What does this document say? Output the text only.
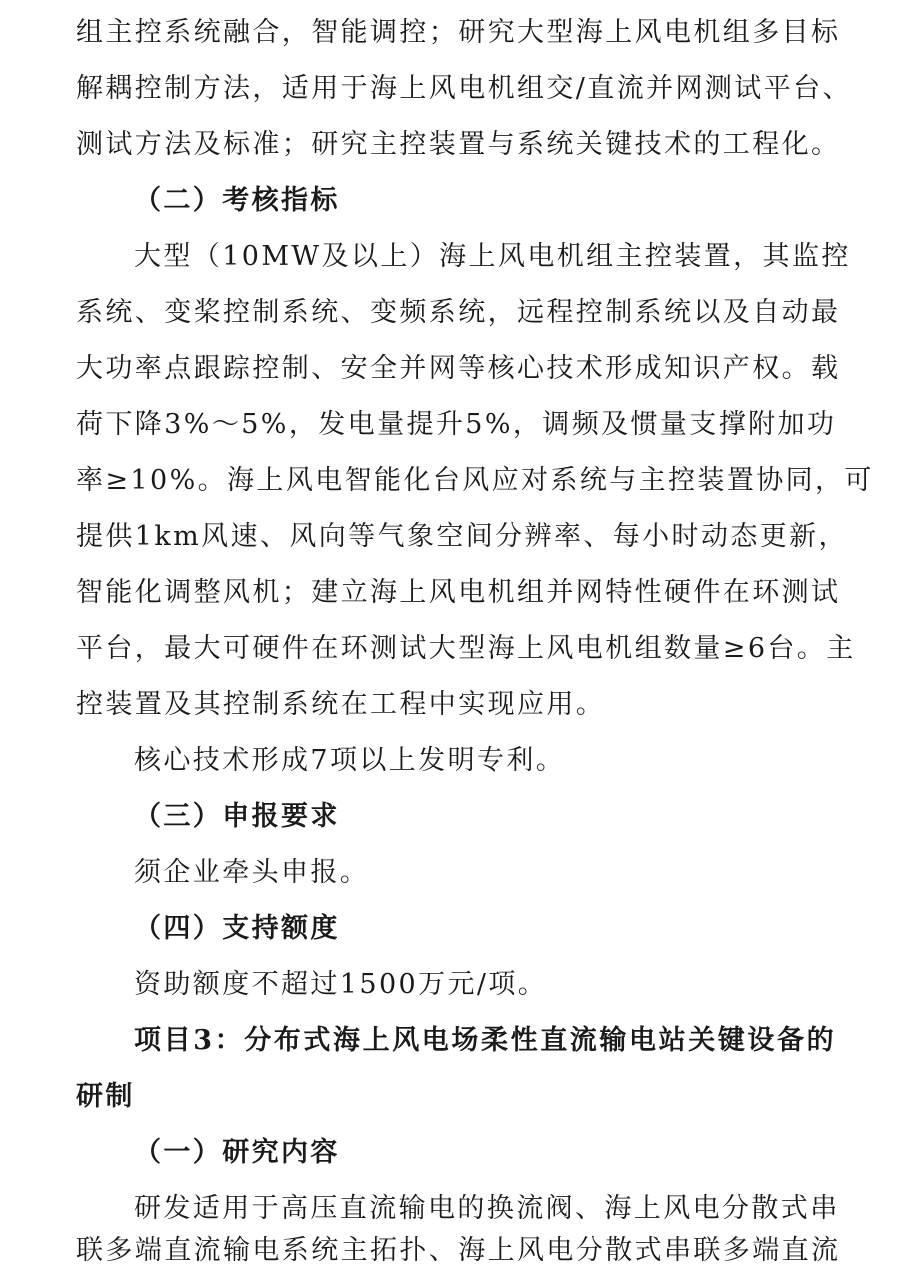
组主控系统融合，智能调控；研究大型海上风电机组多目标
解耦控制方法，适用于海上风电机组交/直流并网测试平台、
测试方法及标准；研究主控装置与系统关键技术的工程化。
（二）考核指标
大型（10MW及以上）海上风电机组主控装置，其监控
系统、变桨控制系统、变频系统，远程控制系统以及自动最
大功率点跟踪控制、安全并网等核心技术形成知识产权。载
荷下降3%～5%，发电量提升5%，调频及惯量支撑附加功
率≥10%。海上风电智能化台风应对系统与主控装置协同，可
提供1km风速、风向等气象空间分辨率、每小时动态更新，
智能化调整风机；建立海上风电机组并网特性硬件在环测试
平台，最大可硬件在环测试大型海上风电机组数量≥6台。主
控装置及其控制系统在工程中实现应用。
核心技术形成7项以上发明专利。
（三）申报要求
须企业牵头申报。
（四）支持额度
资助额度不超过1500万元/项。
项目3：分布式海上风电场柔性直流输电站关键设备的
研制
（一）研究内容
研发适用于高压直流输电的换流阀、海上风电分散式串
联多端直流输电系统主拓扑、海上风电分散式串联多端直流
